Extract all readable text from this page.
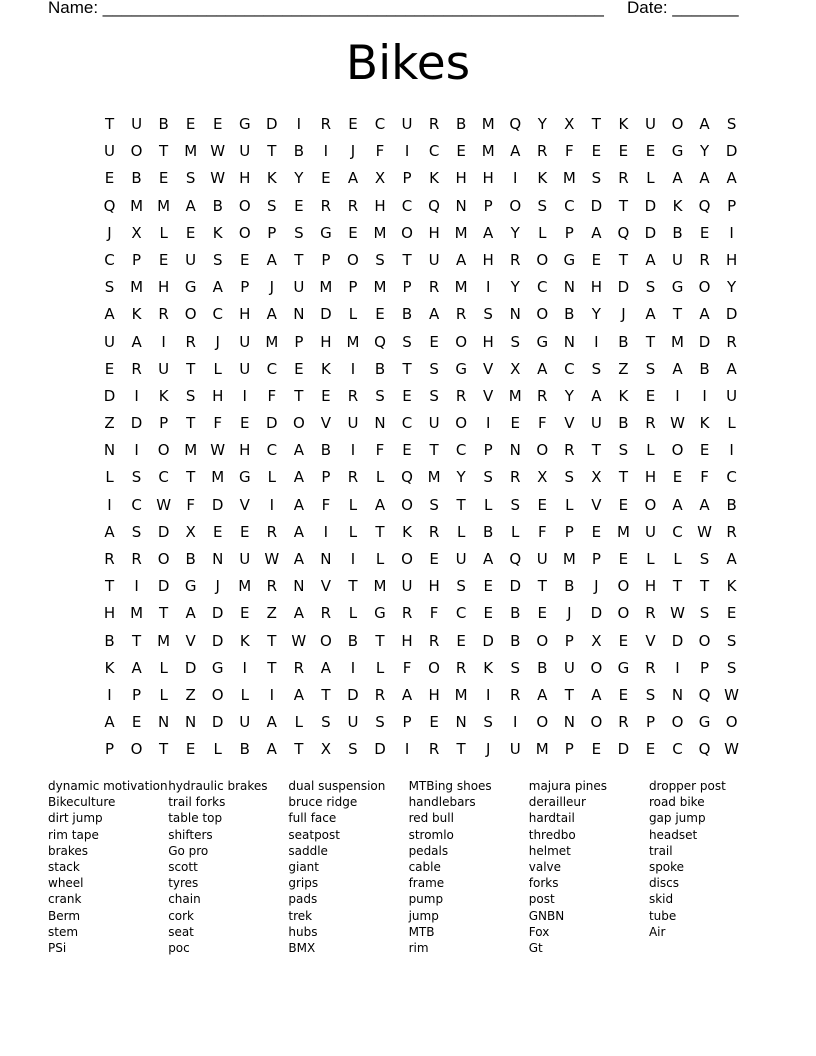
Name: _____________________________________________________ Date: _______
Bikes
T	U	B	E	E	G	D	I	R	E	C	U	R	B	M Q	Y	X	T	K	U	O	A	S
U	O	T	M W U	T	B	I	J	F	I	C	E	M	A	R	F	E	E	E	G	Y	D
E	B	E	S W H	K	Y	E	A	X	P	K	H	H	I	K	M	S	R	L	A	A	A
Q M M	A	B	O	S	E	R	R	H	C	Q	N	P	O	S	C	D	T	D	K	Q	P
J	X	L	E	K	O	P	S	G	E	M O	H M	A	Y	L	P	A	Q	D	B	E	I
C	P	E	U	S	E	A	T	P	O	S	T	U	A	H	R	O	G	E	T	A	U	R	H
S	M H	G	A	P	J	U	M	P	M	P	R	M	I	Y	C	N	H	D	S	G	O	Y
A	K	R	O	C	H	A	N	D	L	E	B	A	R	S	N	O	B	Y	J	A	T	A	D
U	A	I	R	J	U	M	P	H M Q	S	E	O	H	S	G	N	I	B	T	M D	R
E	R	U	T	L	U	C	E	K	I	B	T	S	G	V	X	A	C	S	Z	S	A	B	A
D	I	K	S	H	I	F	T	E	R	S	E	S	R	V	M	R	Y	A	K	E	I	I	U
Z	D	P	T	F	E	D	O	V	U	N	C	U	O	I	E	F	V	U	B	R W K	L
N	I	O M W H	C	A	B	I	F	E	T	C	P	N	O	R	T	S	L	O	E	I
L	S	C	T	M G	L	A	P	R	L	Q M	Y	S	R	X	S	X	T	H	E	F	C
I	C W	F	D	V	I	A	F	L	A	O	S	T	L	S	E	L	V	E	O	A	A	B
A	S	D	X	E	E	R	A	I	L	T	K	R	L	B	L	F	P	E	M	U	C W R
R	R	O	B	N	U W A	N	I	L	O	E	U	A	Q	U	M	P	E	L	L	S	A
T	I	D	G	J	M	R	N	V	T	M	U	H	S	E	D	T	B	J	O	H	T	T	K
H M	T	A	D	E	Z	A	R	L	G	R	F	C	E	B	E	J	D	O	R W S	E
B	T	M	V	D	K	T	W O	B	T	H	R	E	D	B	O	P	X	E	V	D	O	S
K	A	L	D	G	I	T	R	A	I	L	F	O	R	K	S	B	U	O	G	R	I	P	S
I	P	L	Z	O	L	I	A	T	D	R	A	H M	I	R	A	T	A	E	S	N	Q W
A	E	N	N	D	U	A	L	S	U	S	P	E	N	S	I	O	N	O	R	P	O	G	O
P	O	T	E	L	B	A	T	X	S	D	I	R	T	J	U	M	P	E	D	E	C	Q W
dynamic motivation
Bikeculture
dirt jump
rim tape
brakes
stack
wheel
crank
Berm
stem
PSi
hydraulic brakes
trail forks
table top
shifters
Go pro
scott
tyres
chain
cork
seat
poc
dual suspension
bruce ridge
full face
seatpost
saddle
giant
grips
pads
trek
hubs
BMX
MTBing shoes
handlebars
red bull
stromlo
pedals
cable
frame
pump
jump
MTB
rim
majura pines
derailleur
hardtail
thredbo
helmet
valve
forks
post
GNBN
Fox
Gt
dropper post
road bike
gap jump
headset
trail
spoke
discs
skid
tube
Air
